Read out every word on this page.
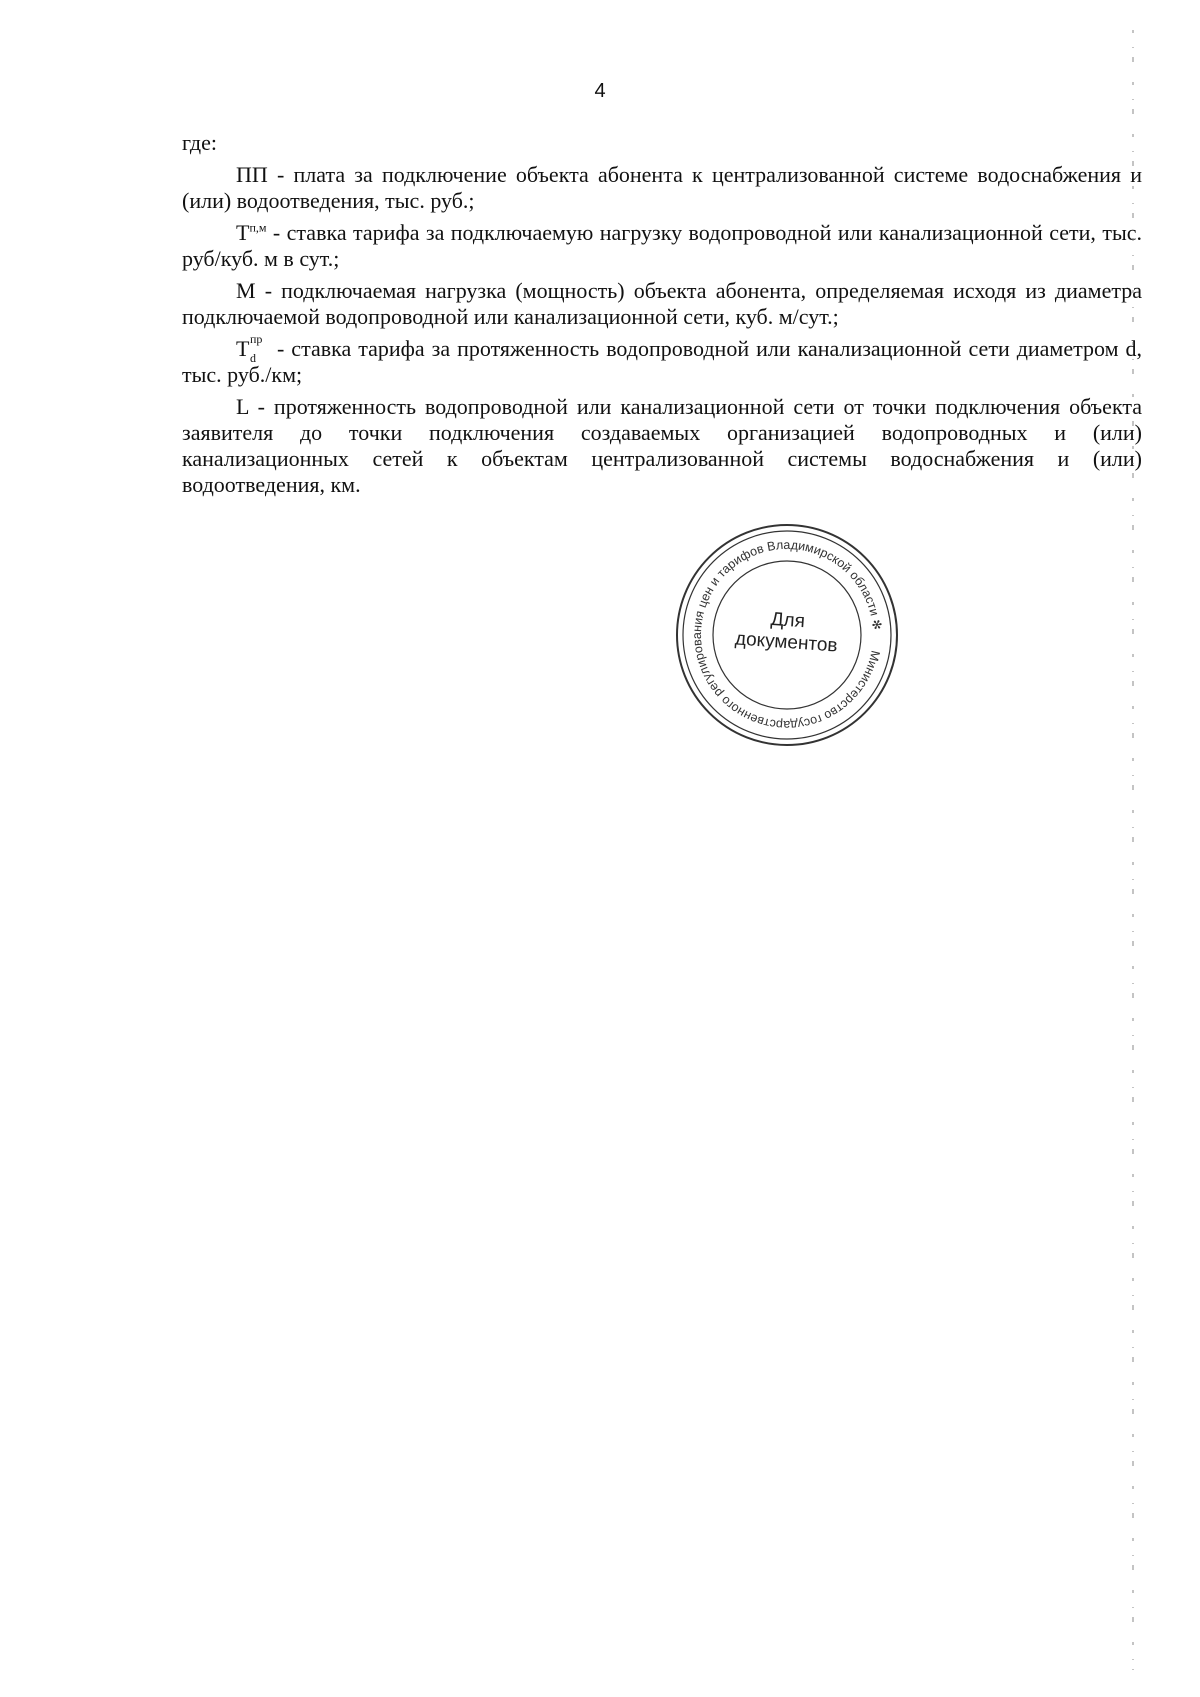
4

где:

ПП - плата за подключение объекта абонента к централизованной системе водоснабжения и (или) водоотведения, тыс. руб.;

$Т^{п,м}$ - ставка тарифа за подключаемую нагрузку водопроводной или канализационной сети, тыс. руб/куб. м в сут.;

М - подключаемая нагрузка (мощность) объекта абонента, определяемая исходя из диаметра подключаемой водопроводной или канализационной сети, куб. м/сут.;

Т пр
d - ставка тарифа за протяженность водопроводной или канализационной сети диаметром d, тыс. руб./км;

L - протяженность водопроводной или канализационной сети от точки подключения объекта заявителя до точки подключения создаваемых организацией водопроводных и (или) канализационных сетей к объектам централизованной системы водоснабжения и (или) водоотведения, км.

Министерство государственного регулирования цен и тарифов Владимирской области ✻
Для
документов
